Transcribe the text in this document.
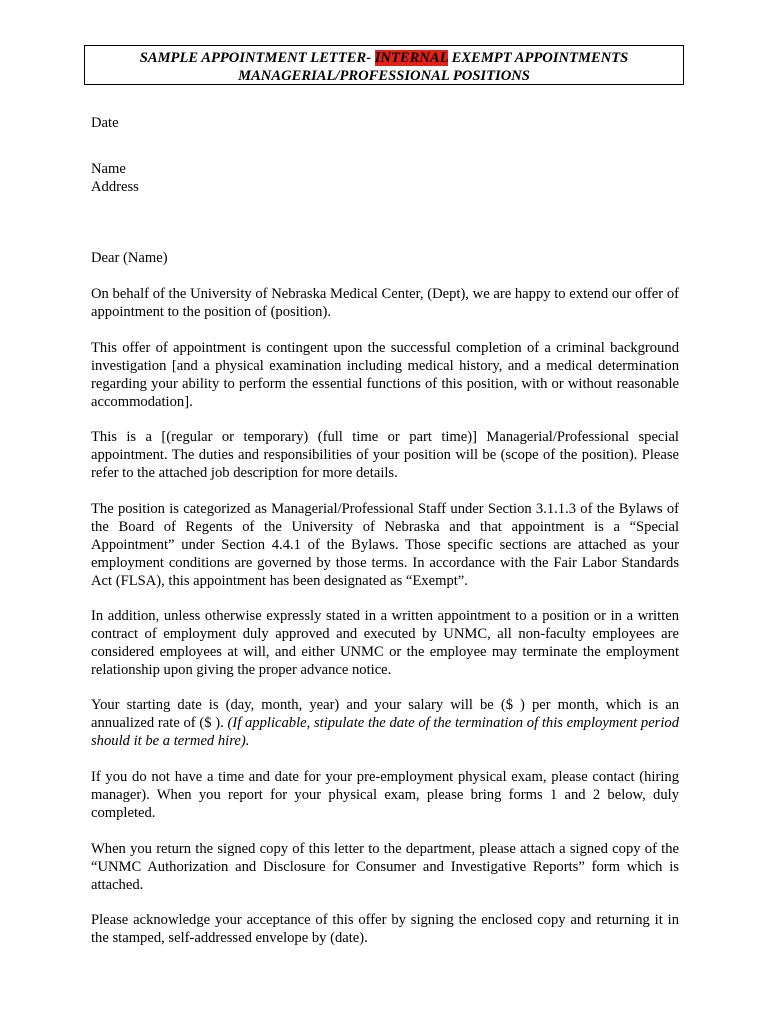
SAMPLE APPOINTMENT LETTER- INTERNAL EXEMPT APPOINTMENTS
MANAGERIAL/PROFESSIONAL POSITIONS
Date
Name
Address
Dear (Name)

On behalf of the University of Nebraska Medical Center, (Dept), we are happy to extend our offer of appointment to the position of (position).

This offer of appointment is contingent upon the successful completion of a criminal background investigation [and a physical examination including medical history, and a medical determination regarding your ability to perform the essential functions of this position, with or without reasonable accommodation].

This is a [(regular or temporary) (full time or part time)] Managerial/Professional special appointment. The duties and responsibilities of your position will be (scope of the position). Please refer to the attached job description for more details.

The position is categorized as Managerial/Professional Staff under Section 3.1.1.3 of the Bylaws of the Board of Regents of the University of Nebraska and that appointment is a “Special Appointment” under Section 4.4.1 of the Bylaws. Those specific sections are attached as your employment conditions are governed by those terms. In accordance with the Fair Labor Standards Act (FLSA), this appointment has been designated as “Exempt”.

In addition, unless otherwise expressly stated in a written appointment to a position or in a written contract of employment duly approved and executed by UNMC, all non-faculty employees are considered employees at will, and either UNMC or the employee may terminate the employment relationship upon giving the proper advance notice.

Your starting date is (day, month, year) and your salary will be ($ ) per month, which is an annualized rate of ($ ). (If applicable, stipulate the date of the termination of this employment period should it be a termed hire).

If you do not have a time and date for your pre-employment physical exam, please contact (hiring manager). When you report for your physical exam, please bring forms 1 and 2 below, duly completed.

When you return the signed copy of this letter to the department, please attach a signed copy of the “UNMC Authorization and Disclosure for Consumer and Investigative Reports” form which is attached.

Please acknowledge your acceptance of this offer by signing the enclosed copy and returning it in the stamped, self-addressed envelope by (date).
